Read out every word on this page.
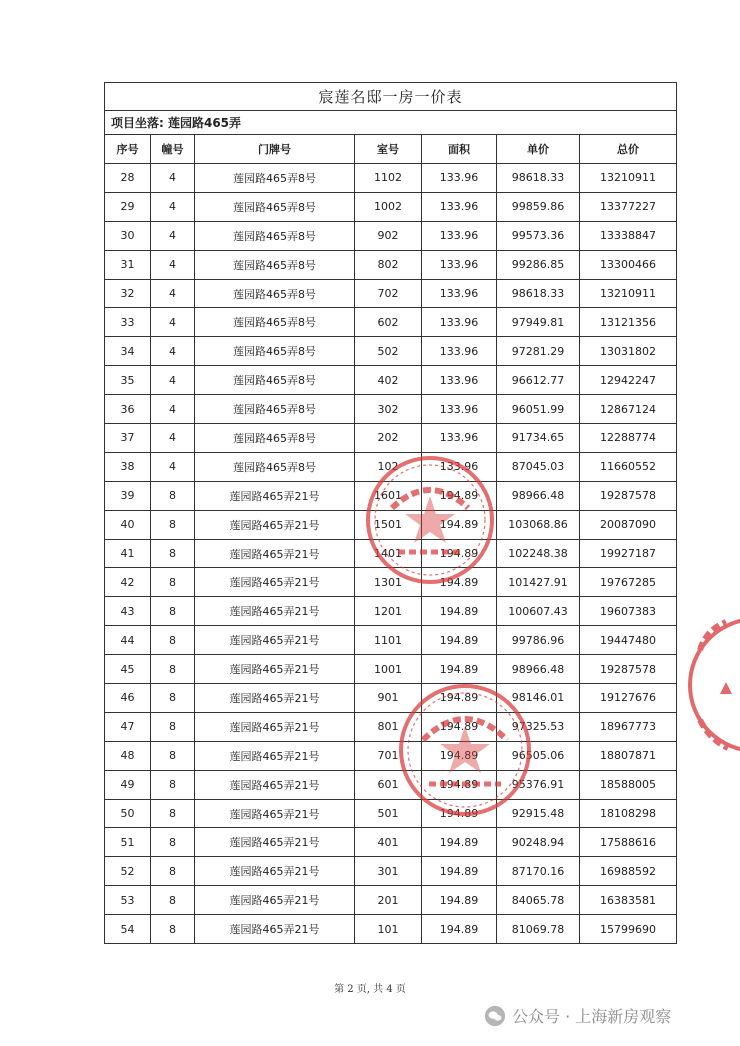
宸莲名邸一房一价表						
项目坐落: 莲园路465弄						
序号	幢号	门牌号	室号	面积	单价	总价
28	4	莲园路465弄8号	1102	133.96	98618.33	13210911
29	4	莲园路465弄8号	1002	133.96	99859.86	13377227
30	4	莲园路465弄8号	902	133.96	99573.36	13338847
31	4	莲园路465弄8号	802	133.96	99286.85	13300466
32	4	莲园路465弄8号	702	133.96	98618.33	13210911
33	4	莲园路465弄8号	602	133.96	97949.81	13121356
34	4	莲园路465弄8号	502	133.96	97281.29	13031802
35	4	莲园路465弄8号	402	133.96	96612.77	12942247
36	4	莲园路465弄8号	302	133.96	96051.99	12867124
37	4	莲园路465弄8号	202	133.96	91734.65	12288774
38	4	莲园路465弄8号	102	133.96	87045.03	11660552
39	8	莲园路465弄21号	1601	194.89	98966.48	19287578
40	8	莲园路465弄21号	1501	194.89	103068.86	20087090
41	8	莲园路465弄21号	1401	194.89	102248.38	19927187
42	8	莲园路465弄21号	1301	194.89	101427.91	19767285
43	8	莲园路465弄21号	1201	194.89	100607.43	19607383
44	8	莲园路465弄21号	1101	194.89	99786.96	19447480
45	8	莲园路465弄21号	1001	194.89	98966.48	19287578
46	8	莲园路465弄21号	901	194.89	98146.01	19127676
47	8	莲园路465弄21号	801	194.89	97325.53	18967773
48	8	莲园路465弄21号	701	194.89	96505.06	18807871
49	8	莲园路465弄21号	601	194.89	95376.91	18588005
50	8	莲园路465弄21号	501	194.89	92915.48	18108298
51	8	莲园路465弄21号	401	194.89	90248.94	17588616
52	8	莲园路465弄21号	301	194.89	87170.16	16988592
53	8	莲园路465弄21号	201	194.89	84065.78	16383581
54	8	莲园路465弄21号	101	194.89	81069.78	15799690
第 2 页, 共 4 页
公众号 · 上海新房观察
